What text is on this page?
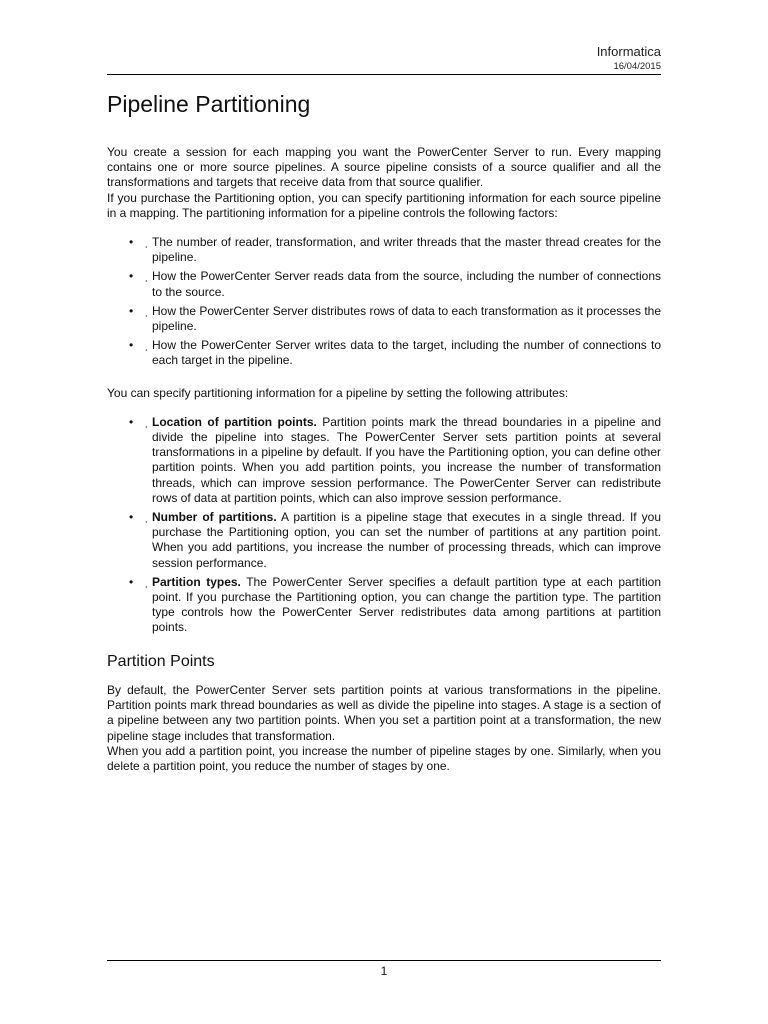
Informatica
16/04/2015
Pipeline Partitioning

You create a session for each mapping you want the PowerCenter Server to run. Every mapping contains one or more source pipelines. A source pipeline consists of a source qualifier and all the transformations and targets that receive data from that source qualifier.

If you purchase the Partitioning option, you can specify partitioning information for each source pipeline in a mapping. The partitioning information for a pipeline controls the following factors:

• ¸ The number of reader, transformation, and writer threads that the master thread creates for the pipeline.
• ¸ How the PowerCenter Server reads data from the source, including the number of connections to the source.
• ¸ How the PowerCenter Server distributes rows of data to each transformation as it processes the pipeline.
• ¸ How the PowerCenter Server writes data to the target, including the number of connections to each target in the pipeline.

You can specify partitioning information for a pipeline by setting the following attributes:

• ¸ Location of partition points. Partition points mark the thread boundaries in a pipeline and divide the pipeline into stages. The PowerCenter Server sets partition points at several transformations in a pipeline by default. If you have the Partitioning option, you can define other partition points. When you add partition points, you increase the number of transformation threads, which can improve session performance. The PowerCenter Server can redistribute rows of data at partition points, which can also improve session performance.
• ¸ Number of partitions. A partition is a pipeline stage that executes in a single thread. If you purchase the Partitioning option, you can set the number of partitions at any partition point. When you add partitions, you increase the number of processing threads, which can improve session performance.
• ¸ Partition types. The PowerCenter Server specifies a default partition type at each partition point. If you purchase the Partitioning option, you can change the partition type. The partition type controls how the PowerCenter Server redistributes data among partitions at partition points.
Partition Points

By default, the PowerCenter Server sets partition points at various transformations in the pipeline. Partition points mark thread boundaries as well as divide the pipeline into stages. A stage is a section of a pipeline between any two partition points. When you set a partition point at a transformation, the new pipeline stage includes that transformation.

When you add a partition point, you increase the number of pipeline stages by one. Similarly, when you delete a partition point, you reduce the number of stages by one.

1
